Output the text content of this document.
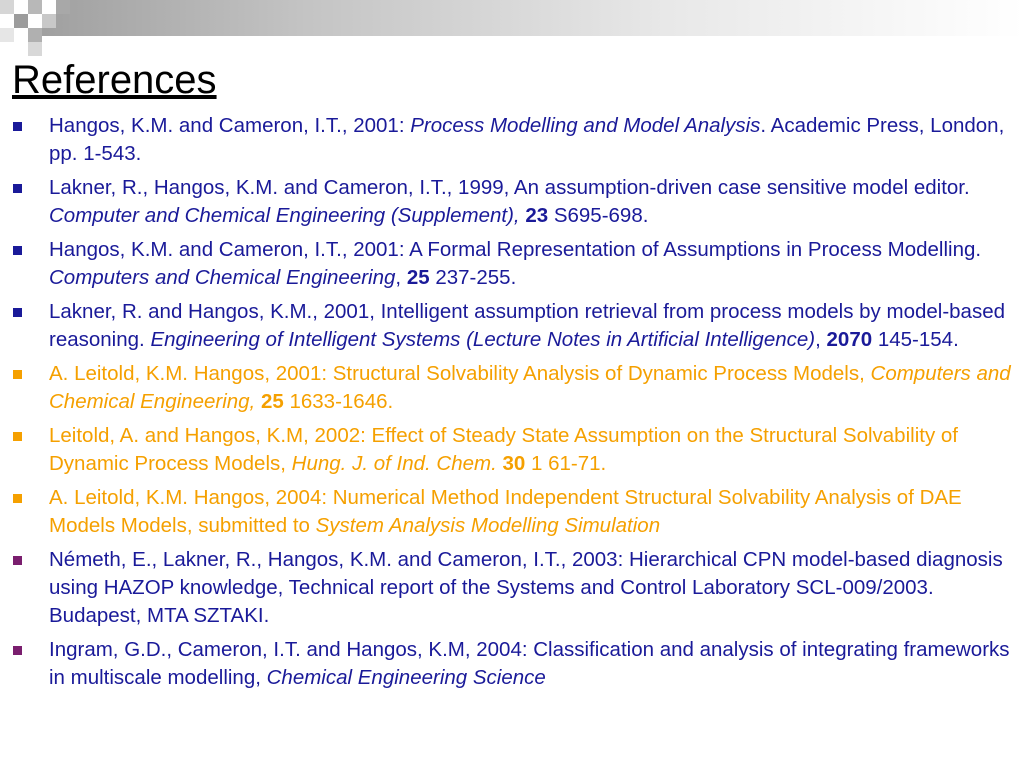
References
Hangos, K.M. and Cameron, I.T., 2001: Process Modelling and Model Analysis. Academic Press, London, pp. 1-543.
Lakner, R., Hangos, K.M. and Cameron, I.T., 1999, An assumption-driven case sensitive model editor. Computer and Chemical Engineering (Supplement), 23 S695-698.
Hangos, K.M. and Cameron, I.T., 2001: A Formal Representation of Assumptions in Process Modelling. Computers and Chemical Engineering, 25 237-255.
Lakner, R. and Hangos, K.M., 2001, Intelligent assumption retrieval from process models by model-based reasoning. Engineering of Intelligent Systems (Lecture Notes in Artificial Intelligence), 2070 145-154.
A. Leitold, K.M. Hangos, 2001: Structural Solvability Analysis of Dynamic Process Models, Computers and Chemical Engineering, 25 1633-1646.
Leitold, A. and Hangos, K.M, 2002: Effect of Steady State Assumption on the Structural Solvability of Dynamic Process Models, Hung. J. of Ind. Chem. 30 1 61-71.
A. Leitold, K.M. Hangos, 2004: Numerical Method Independent Structural Solvability Analysis of DAE Models Models, submitted to System Analysis Modelling Simulation
Németh, E., Lakner, R., Hangos, K.M. and Cameron, I.T., 2003: Hierarchical CPN model-based diagnosis using HAZOP knowledge, Technical report of the Systems and Control Laboratory SCL-009/2003. Budapest, MTA SZTAKI.
Ingram, G.D., Cameron, I.T. and Hangos, K.M, 2004: Classification and analysis of integrating frameworks in multiscale modelling, Chemical Engineering Science
